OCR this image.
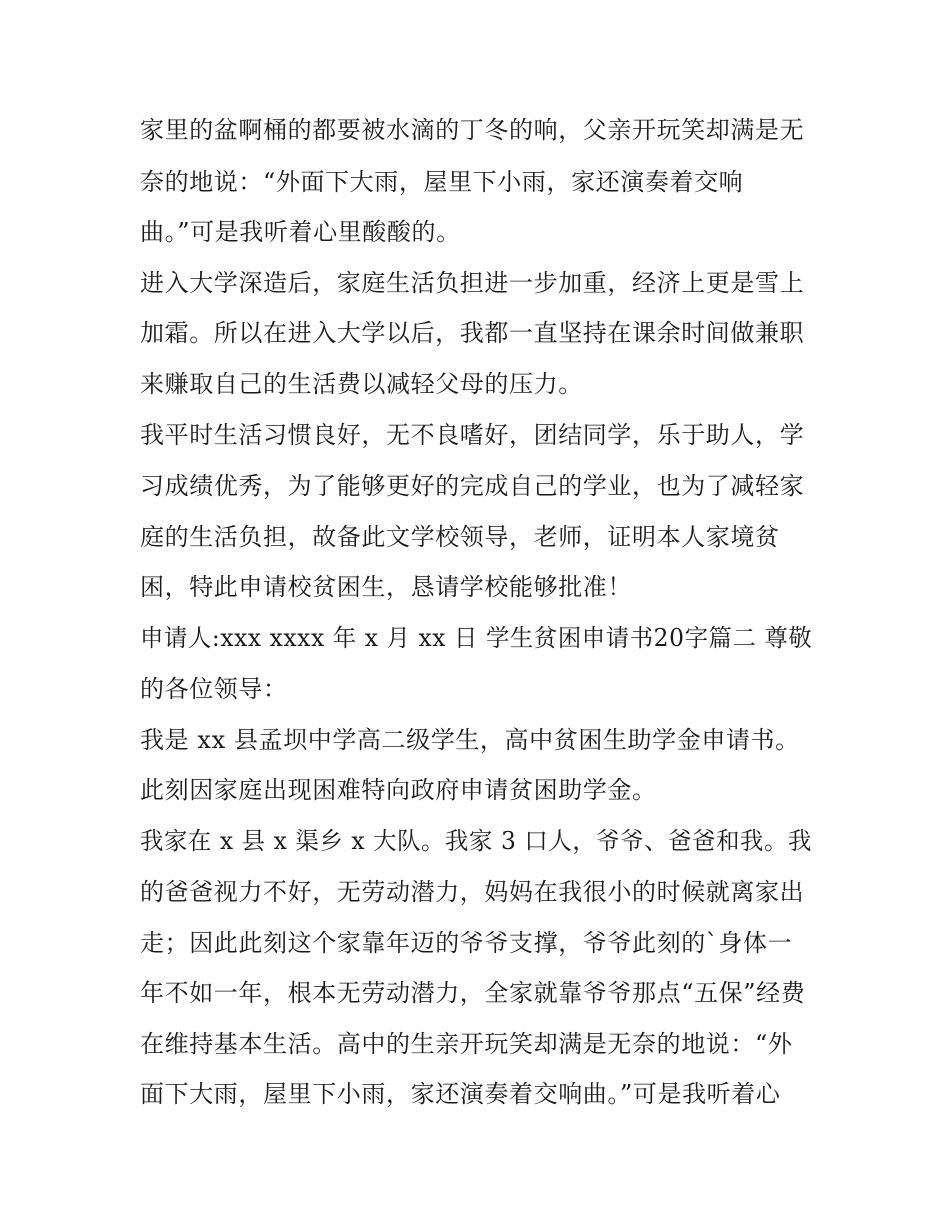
家里的盆啊桶的都要被水滴的丁冬的响，父亲开玩笑却满是无
奈的地说：“外面下大雨，屋里下小雨，家还演奏着交响
曲。”可是我听着心里酸酸的。
进入大学深造后，家庭生活负担进一步加重，经济上更是雪上
加霜。所以在进入大学以后，我都一直坚持在课余时间做兼职
来赚取自己的生活费以减轻父母的压力。
我平时生活习惯良好，无不良嗜好，团结同学，乐于助人，学
习成绩优秀，为了能够更好的完成自己的学业，也为了减轻家
庭的生活负担，故备此文学校领导，老师，证明本人家境贫
困，特此申请校贫困生，恳请学校能够批准！
申请人:xxx xxxx 年 x 月 xx 日 学生贫困申请书20字篇二 尊敬
的各位领导：
我是 xx 县孟坝中学高二级学生，高中贫困生助学金申请书。
此刻因家庭出现困难特向政府申请贫困助学金。
我家在 x 县 x 渠乡 x 大队。我家 3 口人，爷爷、爸爸和我。我
的爸爸视力不好，无劳动潜力，妈妈在我很小的时候就离家出
走；因此此刻这个家靠年迈的爷爷支撑，爷爷此刻的`身体一
年不如一年，根本无劳动潜力，全家就靠爷爷那点“五保”经费
在维持基本生活。高中的生亲开玩笑却满是无奈的地说：“外
面下大雨，屋里下小雨，家还演奏着交响曲。”可是我听着心
